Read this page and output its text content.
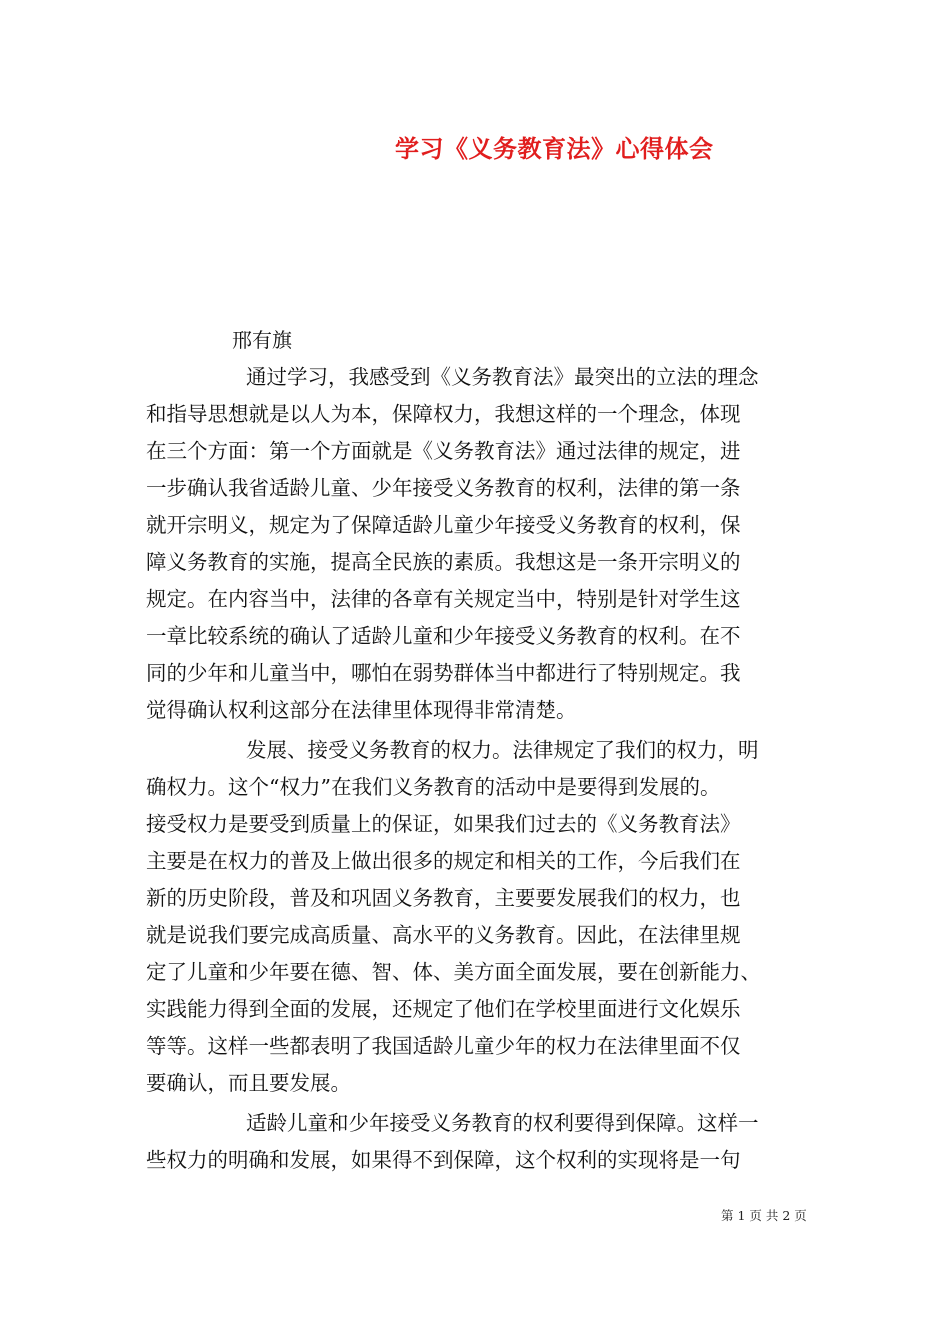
学习《义务教育法》心得体会
邢有旗
通过学习，我感受到《义务教育法》最突出的立法的理念
和指导思想就是以人为本，保障权力，我想这样的一个理念，体现
在三个方面：第一个方面就是《义务教育法》通过法律的规定，进
一步确认我省适龄儿童、少年接受义务教育的权利，法律的第一条
就开宗明义，规定为了保障适龄儿童少年接受义务教育的权利，保
障义务教育的实施，提高全民族的素质。我想这是一条开宗明义的
规定。在内容当中，法律的各章有关规定当中，特别是针对学生这
一章比较系统的确认了适龄儿童和少年接受义务教育的权利。在不
同的少年和儿童当中，哪怕在弱势群体当中都进行了特别规定。我
觉得确认权利这部分在法律里体现得非常清楚。
发展、接受义务教育的权力。法律规定了我们的权力，明
确权力。这个“权力”在我们义务教育的活动中是要得到发展的。
接受权力是要受到质量上的保证，如果我们过去的《义务教育法》
主要是在权力的普及上做出很多的规定和相关的工作，今后我们在
新的历史阶段，普及和巩固义务教育，主要要发展我们的权力，也
就是说我们要完成高质量、高水平的义务教育。因此，在法律里规
定了儿童和少年要在德、智、体、美方面全面发展，要在创新能力、
实践能力得到全面的发展，还规定了他们在学校里面进行文化娱乐
等等。这样一些都表明了我国适龄儿童少年的权力在法律里面不仅
要确认，而且要发展。
适龄儿童和少年接受义务教育的权利要得到保障。这样一
些权力的明确和发展，如果得不到保障，这个权利的实现将是一句
第 1 页 共 2 页
